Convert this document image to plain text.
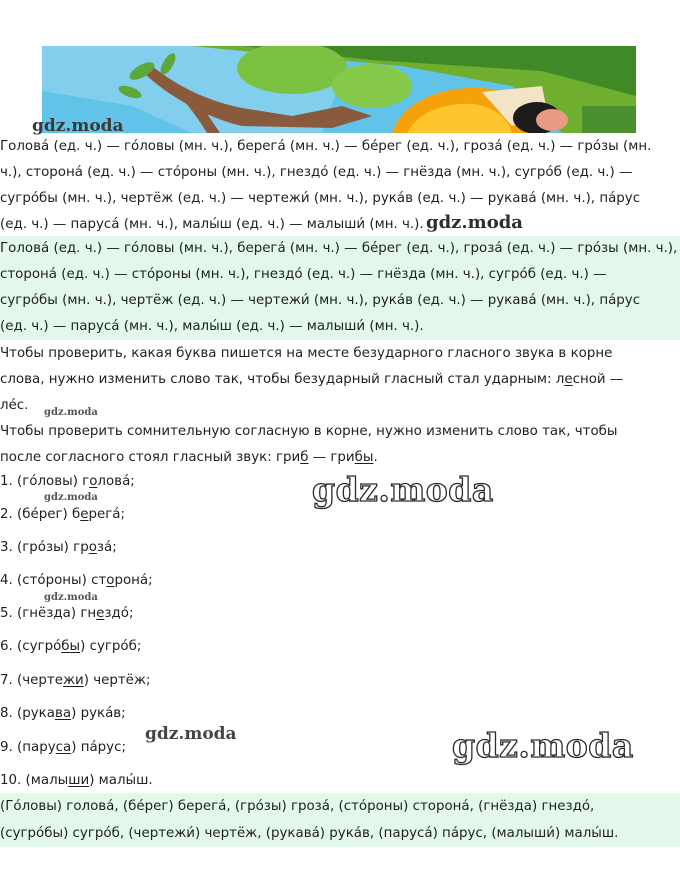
Голова́ (ед. ч.) — го́ловы (мн. ч.), берега́ (мн. ч.) — бе́рег (ед. ч.), гроза́ (ед. ч.) — гро́зы (мн.
ч.), сторона́ (ед. ч.) — сто́роны (мн. ч.), гнездо́ (ед. ч.) — гнёзда (мн. ч.), сугро́б (ед. ч.) —
сугро́бы (мн. ч.), чертёж (ед. ч.) — чертежи́ (мн. ч.), рука́в (ед. ч.) — рукава́ (мн. ч.), па́рус
(ед. ч.) — паруса́ (мн. ч.), малы́ш (ед. ч.) — малыши́ (мн. ч.).
Голова́ (ед. ч.) — го́ловы (мн. ч.), берега́ (мн. ч.) — бе́рег (ед. ч.), гроза́ (ед. ч.) — гро́зы (мн. ч.),
сторона́ (ед. ч.) — сто́роны (мн. ч.), гнездо́ (ед. ч.) — гнёзда (мн. ч.), сугро́б (ед. ч.) —
сугро́бы (мн. ч.), чертёж (ед. ч.) — чертежи́ (мн. ч.), рука́в (ед. ч.) — рукава́ (мн. ч.), па́рус
(ед. ч.) — паруса́ (мн. ч.), малы́ш (ед. ч.) — малыши́ (мн. ч.).
Чтобы проверить, какая буква пишется на месте безударного гласного звука в корне
слова, нужно изменить слово так, чтобы безударный гласный стал ударным: лесной —
ле́с.
Чтобы проверить сомнительную согласную в корне, нужно изменить слово так, чтобы
после согласного стоял гласный звук: гриб — грибы.
1. (го́ловы) голова́;
2. (бе́рег) берега́;
3. (гро́зы) гроза́;
4. (сто́роны) сторона́;
5. (гнёзда) гнездо́;
6. (сугро́бы) сугро́б;
7. (чертежи) чертёж;
8. (рукава) рука́в;
9. (паруса) па́рус;
10. (малыши) малы́ш.
(Го́ловы) голова́, (бе́рег) берега́, (гро́зы) гроза́, (сто́роны) сторона́, (гнёзда) гнездо́,
(сугро́бы) сугро́б, (чертежи́) чертёж, (рукава́) рука́в, (паруса́) па́рус, (малыши́) малы́ш.
gdz.moda
gdz.moda
gdz.moda
gdz.moda
gdz.moda
gdz.moda
gdz.moda	gdz.moda
